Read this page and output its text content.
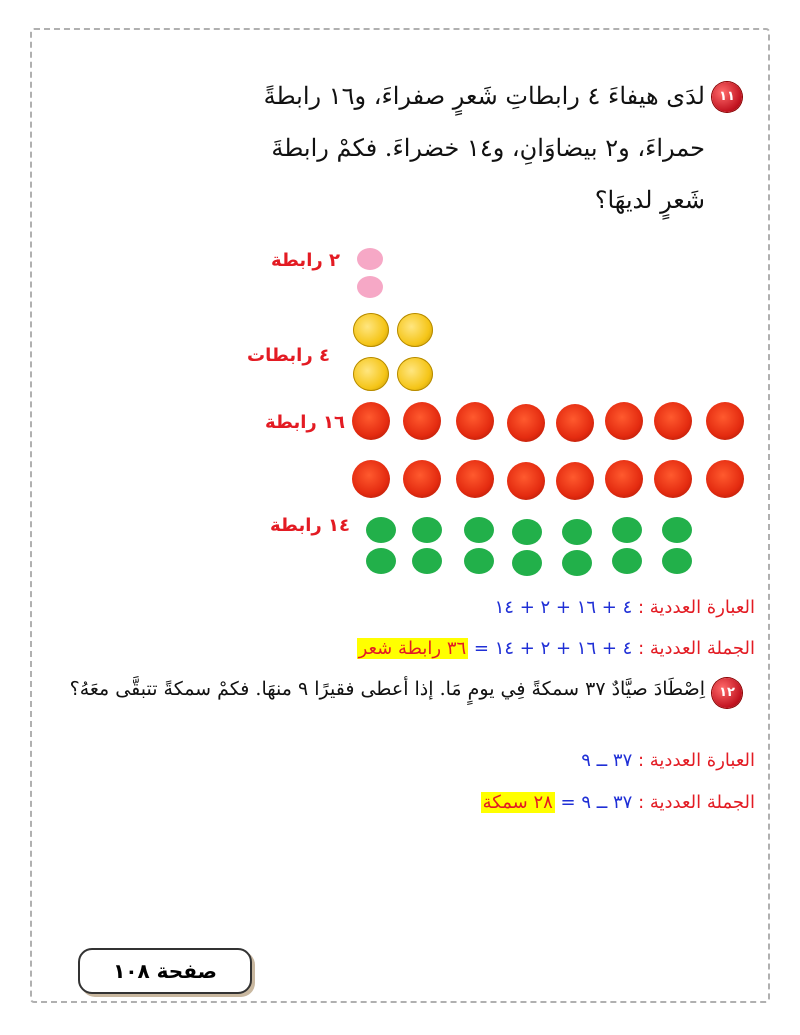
١١
لدَى هيفاءَ ٤ رابطاتِ شَعرٍ صفراءَ، و١٦ رابطةً
حمراءَ، و٢ بيضاوَانِ، و١٤ خضراءَ. فكمْ رابطةَ
شَعرٍ لديهَا؟
٢ رابطة
٤ رابطات
١٦ رابطة
١٤ رابطة
العبارة العددية : ٤ + ١٦ + ٢ + ١٤
الجملة العددية : ٤ + ١٦ + ٢ + ١٤ = ٣٦ رابطة شعر
١٢
اِصْطَادَ صيَّادٌ ٣٧ سمكةً فِي يومٍ مَا. إذا أعطى فقيرًا ٩ منهَا. فكمْ سمكةً تتبقَّى معَهُ؟
العبارة العددية : ٣٧ ــ ٩
الجملة العددية : ٣٧ ــ ٩ = ٢٨ سمكة
صفحة ١٠٨
